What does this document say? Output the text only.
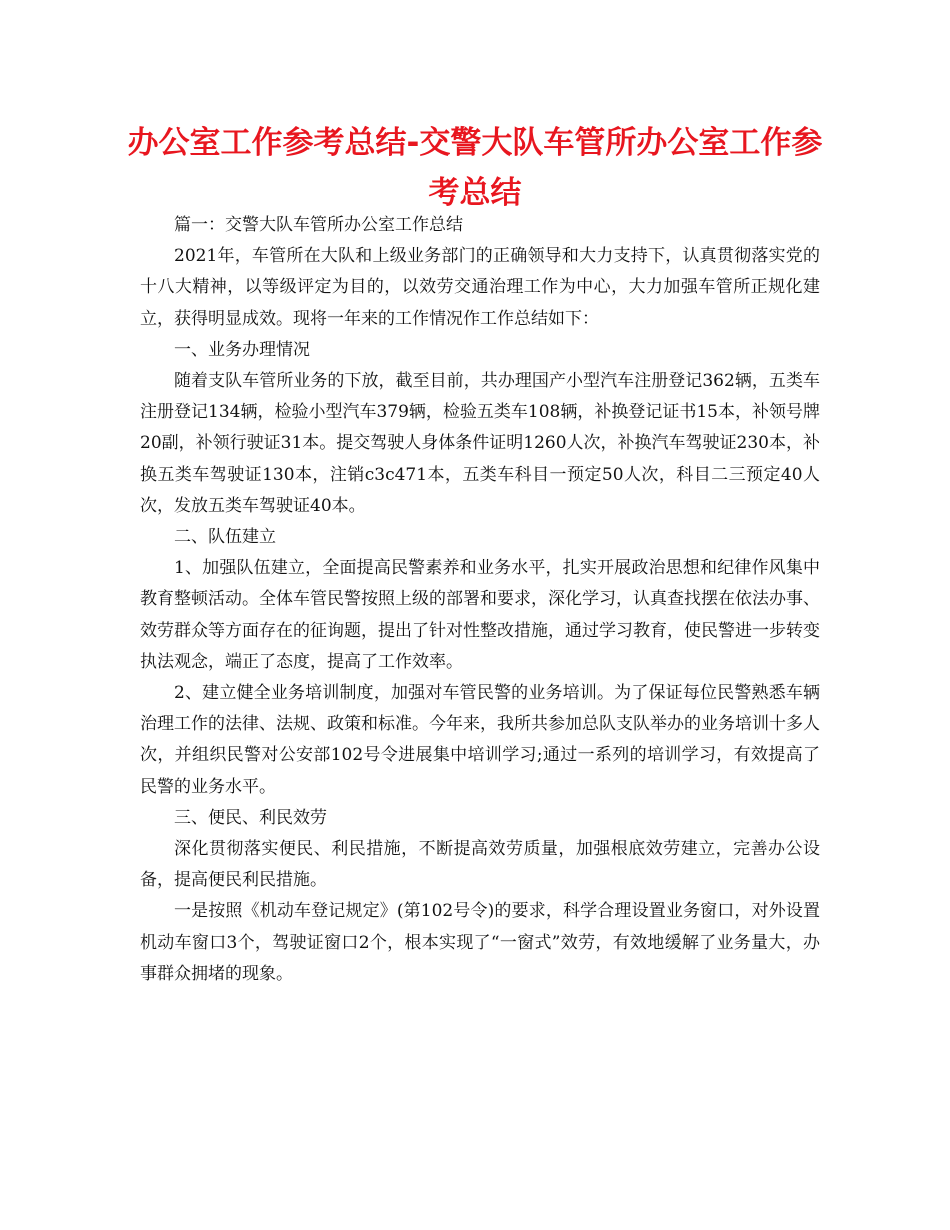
办公室工作参考总结-交警大队车管所办公室工作参考总结

篇一：交警大队车管所办公室工作总结

2021年，车管所在大队和上级业务部门的正确领导和大力支持下，认真贯彻落实党的十八大精神，以等级评定为目的，以效劳交通治理工作为中心，大力加强车管所正规化建立，获得明显成效。现将一年来的工作情况作工作总结如下：

一、业务办理情况

随着支队车管所业务的下放，截至目前，共办理国产小型汽车注册登记362辆，五类车注册登记134辆，检验小型汽车379辆，检验五类车108辆，补换登记证书15本，补领号牌20副，补领行驶证31本。提交驾驶人身体条件证明1260人次，补换汽车驾驶证230本，补换五类车驾驶证130本，注销c3c471本，五类车科目一预定50人次，科目二三预定40人次，发放五类车驾驶证40本。

二、队伍建立

1、加强队伍建立，全面提高民警素养和业务水平，扎实开展政治思想和纪律作风集中教育整顿活动。全体车管民警按照上级的部署和要求，深化学习，认真查找摆在依法办事、效劳群众等方面存在的征询题，提出了针对性整改措施，通过学习教育，使民警进一步转变执法观念，端正了态度，提高了工作效率。

2、建立健全业务培训制度，加强对车管民警的业务培训。为了保证每位民警熟悉车辆治理工作的法律、法规、政策和标准。今年来，我所共参加总队支队举办的业务培训十多人次，并组织民警对公安部102号令进展集中培训学习;通过一系列的培训学习，有效提高了民警的业务水平。

三、便民、利民效劳

深化贯彻落实便民、利民措施，不断提高效劳质量，加强根底效劳建立，完善办公设备，提高便民利民措施。

一是按照《机动车登记规定》(第102号令)的要求，科学合理设置业务窗口，对外设置机动车窗口3个，驾驶证窗口2个，根本实现了“一窗式”效劳，有效地缓解了业务量大，办事群众拥堵的现象。
